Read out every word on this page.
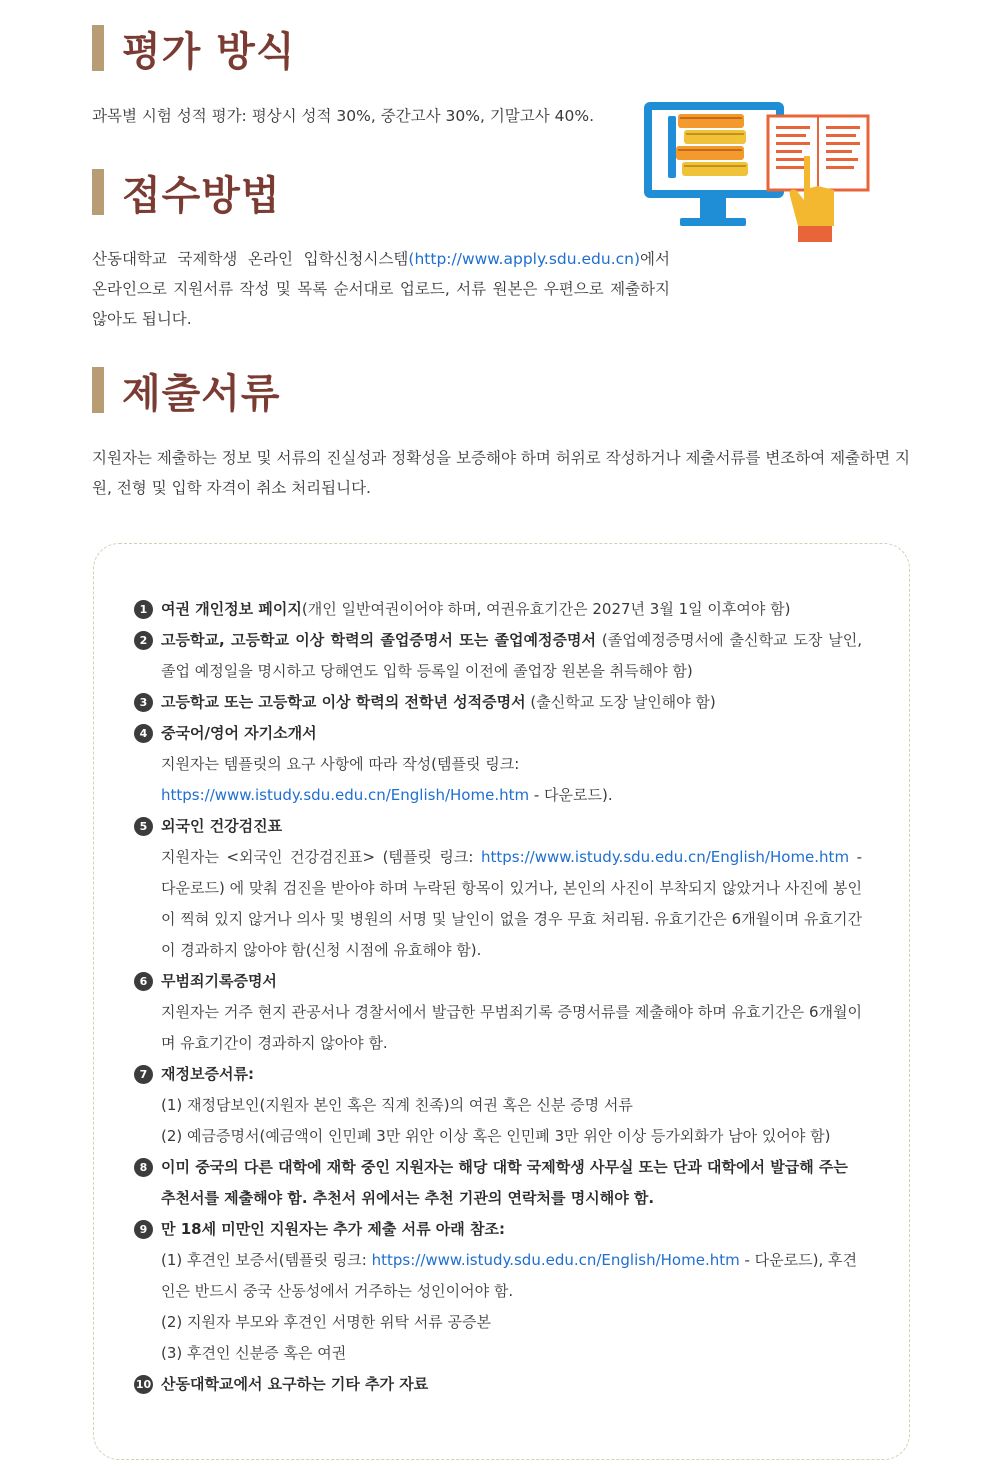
평가 방식
과목별 시험 성적 평가: 평상시 성적 30%, 중간고사 30%, 기말고사 40%.
접수방법
산동대학교 국제학생 온라인 입학신청시스템(http://www.apply.sdu.edu.cn)에서 온라인으로 지원서류 작성 및 목록 순서대로 업로드, 서류 원본은 우편으로 제출하지 않아도 됩니다.
제출서류
지원자는 제출하는 정보 및 서류의 진실성과 정확성을 보증해야 하며 허위로 작성하거나 제출서류를 변조하여 제출하면 지원, 전형 및 입학 자격이 취소 처리됩니다.
1 여권 개인정보 페이지(개인 일반여권이어야 하며, 여권유효기간은 2027년 3월 1일 이후여야 함)
2 고등학교, 고등학교 이상 학력의 졸업증명서 또는 졸업예정증명서 (졸업예정증명서에 출신학교 도장 날인, 졸업 예정일을 명시하고 당해연도 입학 등록일 이전에 졸업장 원본을 취득해야 함)
3 고등학교 또는 고등학교 이상 학력의 전학년 성적증명서 (출신학교 도장 날인해야 함)
4 중국어/영어 자기소개서
지원자는 템플릿의 요구 사항에 따라 작성(템플릿 링크: https://www.istudy.sdu.edu.cn/English/Home.htm - 다운로드).
5 외국인 건강검진표
지원자는 <외국인 건강검진표> (템플릿 링크: https://www.istudy.sdu.edu.cn/English/Home.htm - 다운로드) 에 맞춰 검진을 받아야 하며 누락된 항목이 있거나, 본인의 사진이 부착되지 않았거나 사진에 봉인이 찍혀 있지 않거나 의사 및 병원의 서명 및 날인이 없을 경우 무효 처리됨. 유효기간은 6개월이며 유효기간이 경과하지 않아야 함(신청 시점에 유효해야 함).
6 무범죄기록증명서
지원자는 거주 현지 관공서나 경찰서에서 발급한 무범죄기록 증명서류를 제출해야 하며 유효기간은 6개월이며 유효기간이 경과하지 않아야 함.
7 재정보증서류:
(1) 재정담보인(지원자 본인 혹은 직계 친족)의 여권 혹은 신분 증명 서류
(2) 예금증명서(예금액이 인민폐 3만 위안 이상 혹은 인민폐 3만 위안 이상 등가외화가 남아 있어야 함)
8 이미 중국의 다른 대학에 재학 중인 지원자는 해당 대학 국제학생 사무실 또는 단과 대학에서 발급해 주는 추천서를 제출해야 함. 추천서 위에서는 추천 기관의 연락처를 명시해야 함.
9 만 18세 미만인 지원자는 추가 제출 서류 아래 참조:
(1) 후견인 보증서(템플릿 링크: https://www.istudy.sdu.edu.cn/English/Home.htm - 다운로드), 후견인은 반드시 중국 산동성에서 거주하는 성인이어야 함.
(2) 지원자 부모와 후견인 서명한 위탁 서류 공증본
(3) 후견인 신분증 혹은 여권
10 산동대학교에서 요구하는 기타 추가 자료
